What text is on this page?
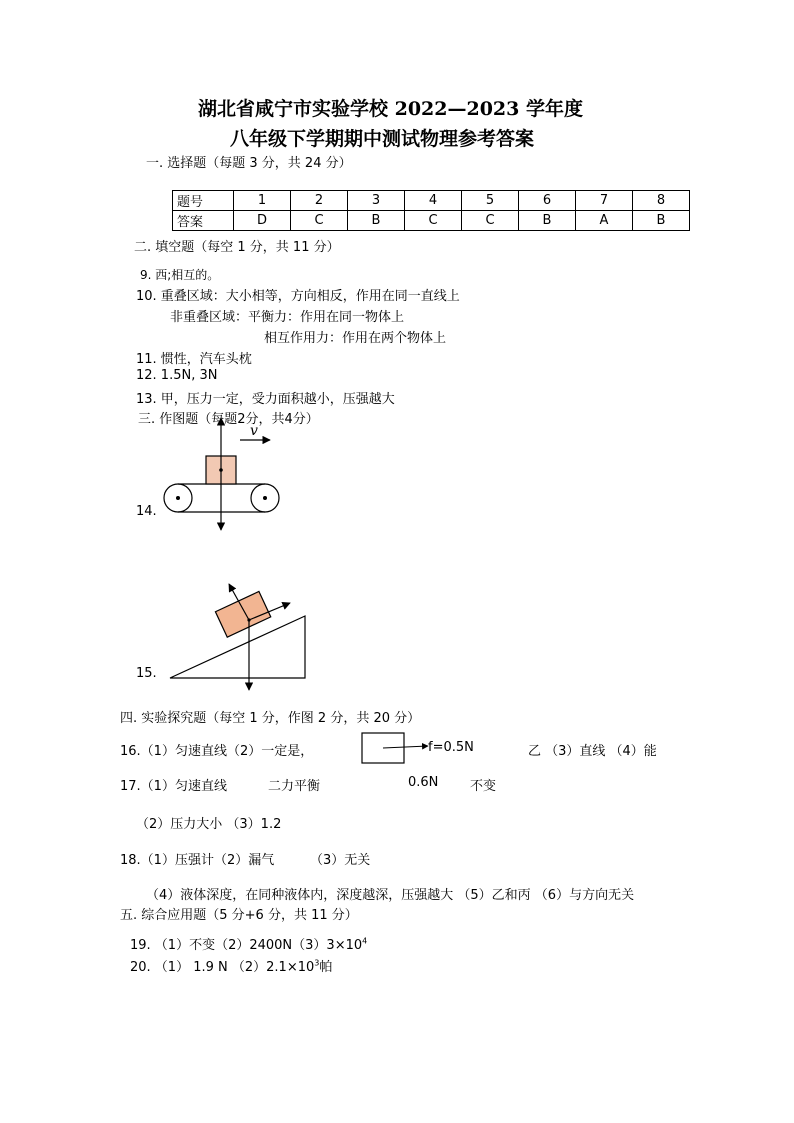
湖北省咸宁市实验学校 2022—2023 学年度
八年级下学期期中测试物理参考答案
一. 选择题（每题 3 分，共 24 分）
题号	1	2	3	4	5	6	7	8
答案	D	C	B	C	C	B	A	B
二. 填空题（每空 1 分，共 11 分）
9. 西;相互的。
10. 重叠区域：大小相等，方向相反，作用在同一直线上
非重叠区域：平衡力：作用在同一物体上
相互作用力：作用在两个物体上
11. 惯性，汽车头枕
12. 1.5N, 3N
13. 甲，压力一定，受力面积越小，压强越大
三. 作图题（每题2分，共4分）
14.
v
15.
四. 实验探究题（每空 1 分，作图 2 分，共 20 分）
16.（1）匀速直线（2）一定是，	f=0.5N	乙 （3）直线 （4）能
17.（1）匀速直线	二力平衡	0.6N 不变
（2）压力大小 （3）1.2
18.（1）压强计（2）漏气	（3）无关
（4）液体深度，在同种液体内，深度越深，压强越大 （5）乙和丙 （6）与方向无关
五. 综合应用题（5 分+6 分，共 11 分）
19. （1）不变$(2)2400N(3)3\times 10^4$
20. （1） 1.9 N $(2)2.1\times 10^3$帕
